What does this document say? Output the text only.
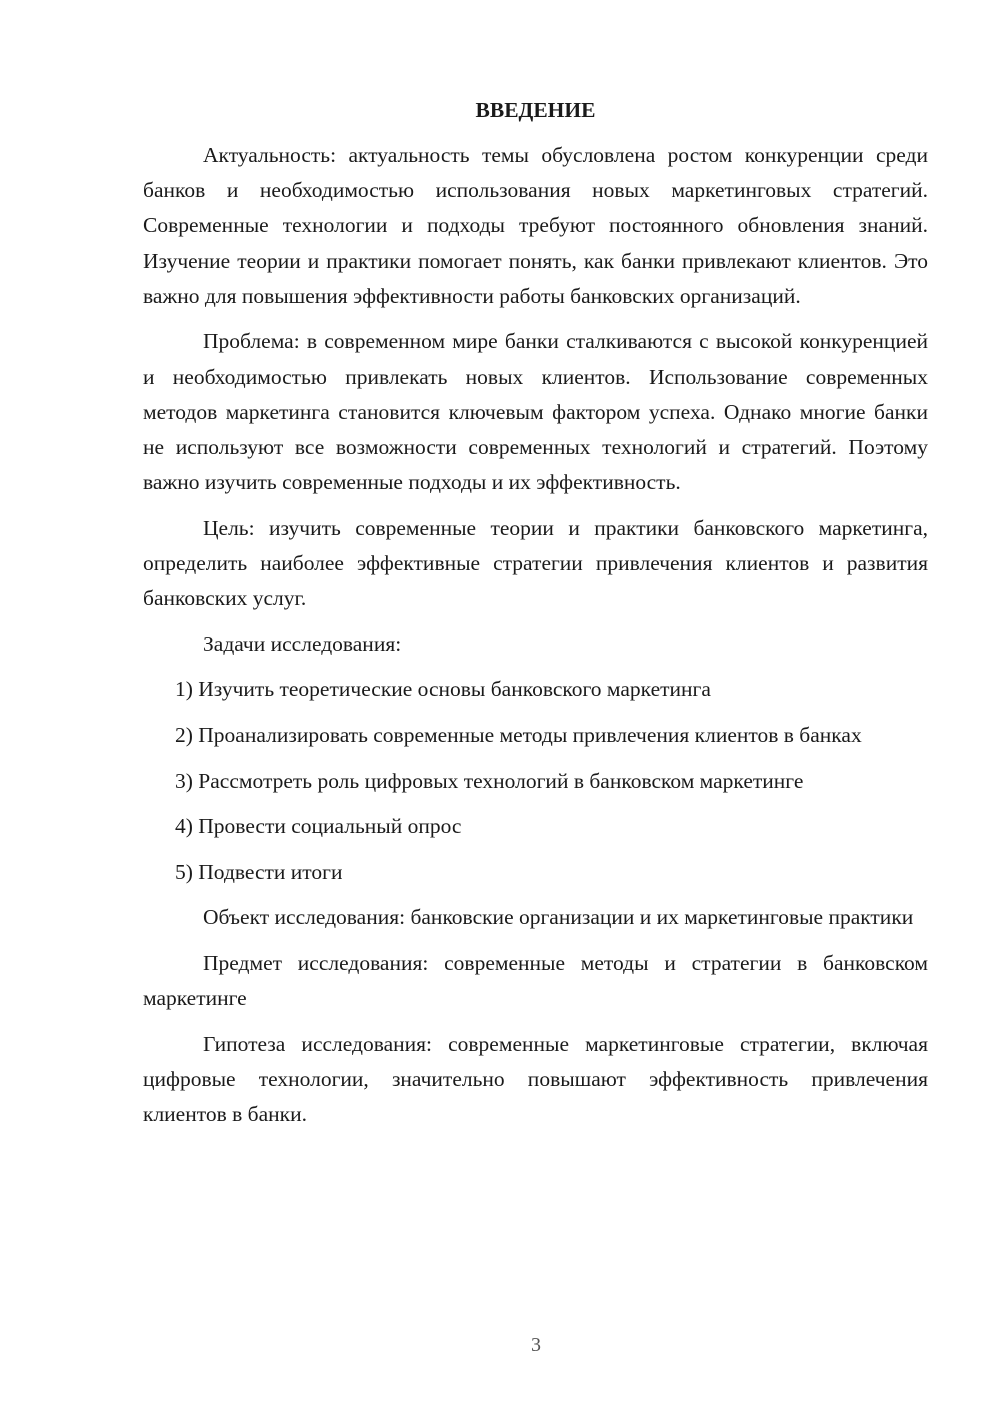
ВВЕДЕНИЕ

Актуальность: актуальность темы обусловлена ростом конкуренции среди банков и необходимостью использования новых маркетинговых стратегий. Современные технологии и подходы требуют постоянного обновления знаний. Изучение теории и практики помогает понять, как банки привлекают клиентов. Это важно для повышения эффективности работы банковских организаций.

Проблема: в современном мире банки сталкиваются с высокой конкуренцией и необходимостью привлекать новых клиентов. Использование современных методов маркетинга становится ключевым фактором успеха. Однако многие банки не используют все возможности современных технологий и стратегий. Поэтому важно изучить современные подходы и их эффективность.

Цель: изучить современные теории и практики банковского маркетинга, определить наиболее эффективные стратегии привлечения клиентов и развития банковских услуг.

Задачи исследования:

1) Изучить теоретические основы банковского маркетинга

2) Проанализировать современные методы привлечения клиентов в банках

3) Рассмотреть роль цифровых технологий в банковском маркетинге

4) Провести социальный опрос

5) Подвести итоги

Объект исследования: банковские организации и их маркетинговые практики

Предмет исследования: современные методы и стратегии в банковском маркетинге

Гипотеза исследования: современные маркетинговые стратегии, включая цифровые технологии, значительно повышают эффективность привлечения клиентов в банки.

3
